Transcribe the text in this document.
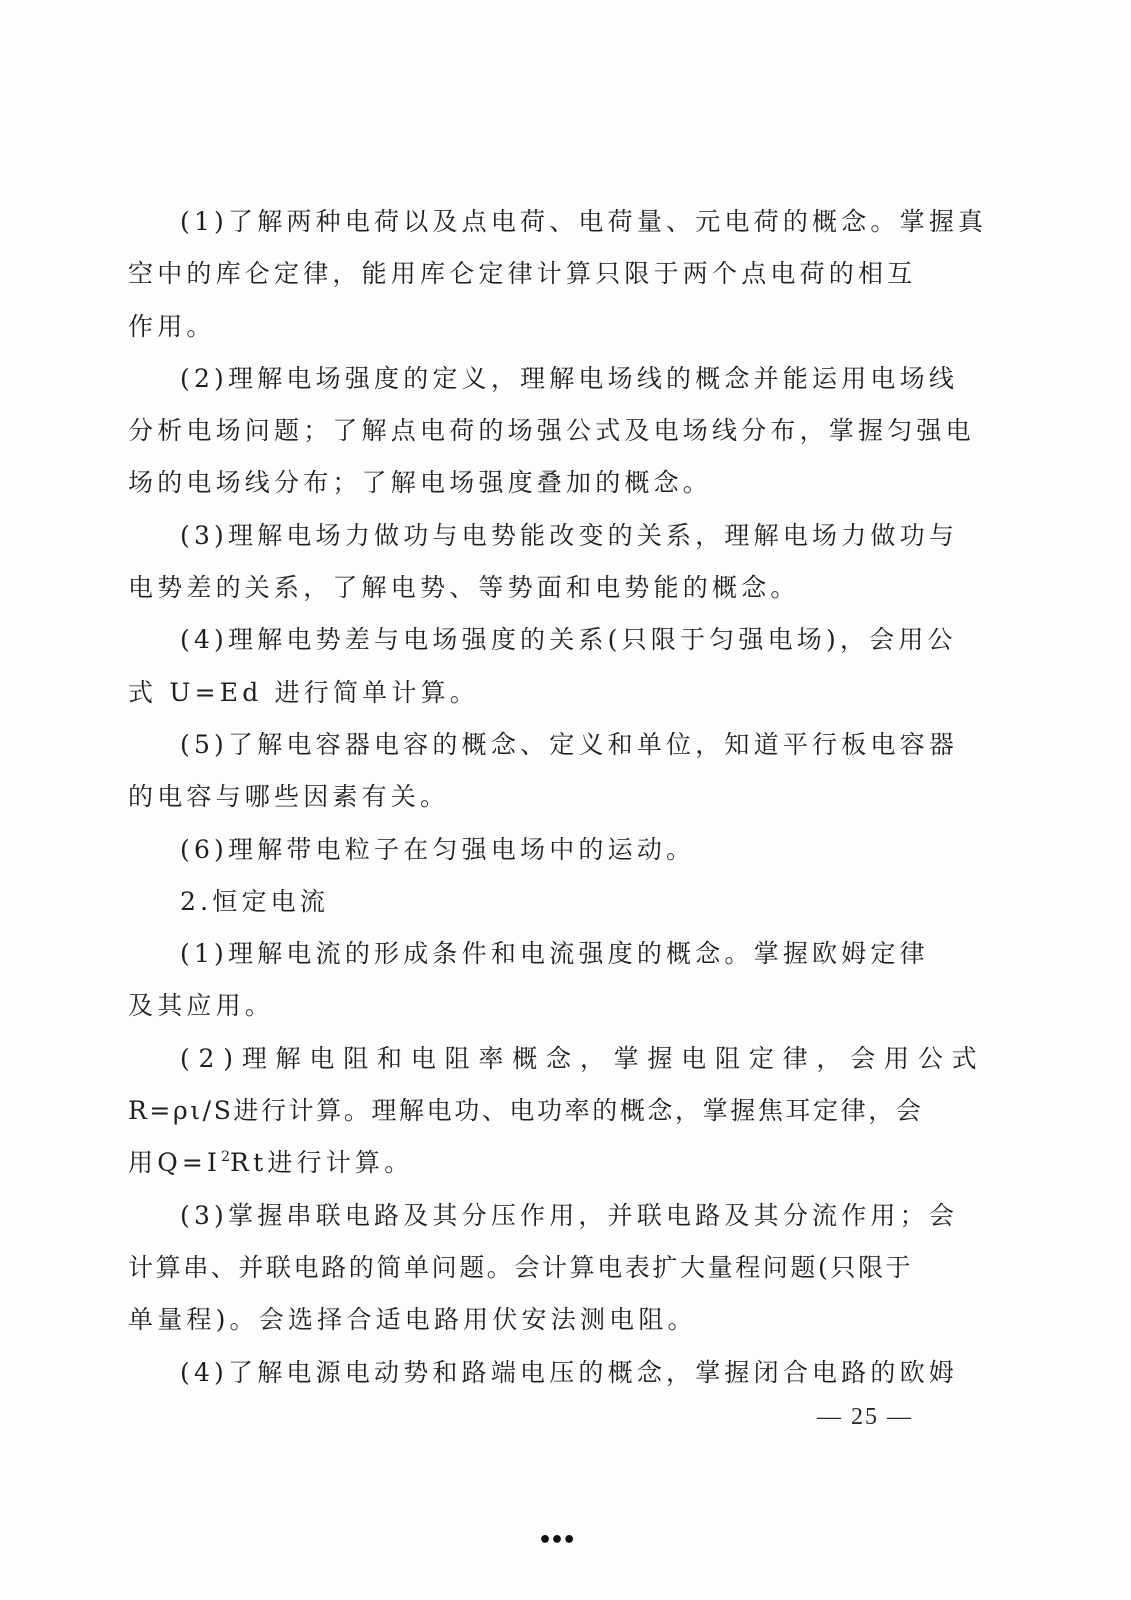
(1)了解两种电荷以及点电荷、电荷量、元电荷的概念。掌握真
空中的库仑定律，能用库仑定律计算只限于两个点电荷的相互
作用。
(2)理解电场强度的定义，理解电场线的概念并能运用电场线
分析电场问题；了解点电荷的场强公式及电场线分布，掌握匀强电
场的电场线分布；了解电场强度叠加的概念。
(3)理解电场力做功与电势能改变的关系，理解电场力做功与
电势差的关系，了解电势、等势面和电势能的概念。
(4)理解电势差与电场强度的关系(只限于匀强电场)，会用公
式 U=Ed 进行简单计算。
(5)了解电容器电容的概念、定义和单位，知道平行板电容器
的电容与哪些因素有关。
(6)理解带电粒子在匀强电场中的运动。
2.恒定电流
(1)理解电流的形成条件和电流强度的概念。掌握欧姆定律
及其应用。
(2)理解电阻和电阻率概念，掌握电阻定律，会用公式
R=ρι/S进行计算。理解电功、电功率的概念，掌握焦耳定律，会
用$Q=I^2Rt$进行计算。
(3)掌握串联电路及其分压作用，并联电路及其分流作用；会
计算串、并联电路的简单问题。会计算电表扩大量程问题(只限于
单量程)。会选择合适电路用伏安法测电阻。
(4)了解电源电动势和路端电压的概念，掌握闭合电路的欧姆
— 25 —
•••
